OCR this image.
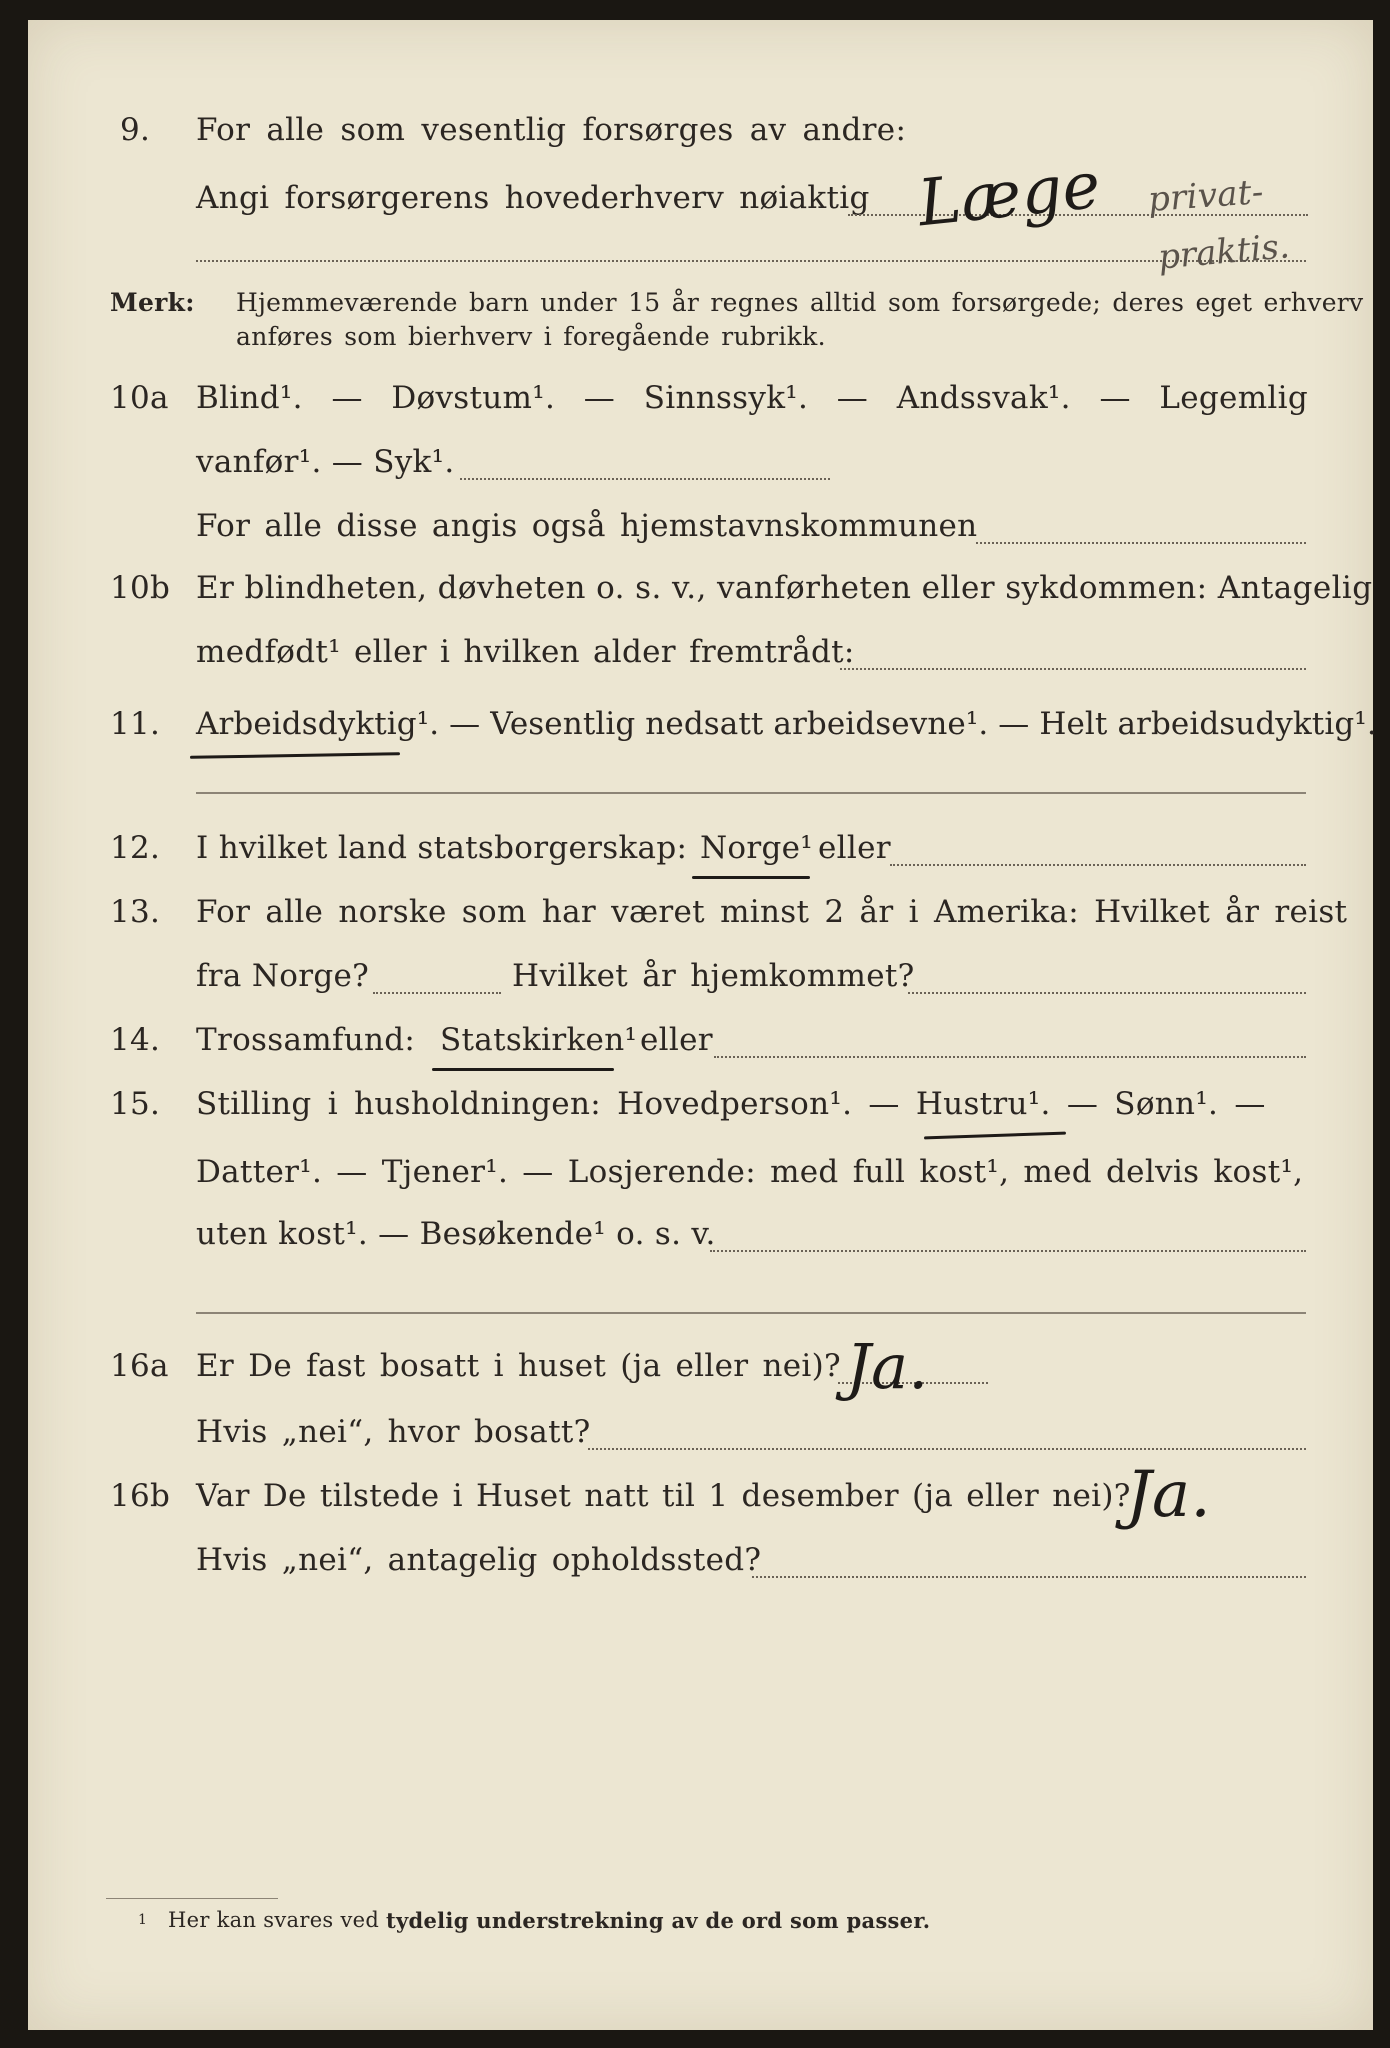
9. For alle som vesentlig forsørges av andre:
Angi forsørgerens hovederhverv nøiaktig Læge privat-
praktis.
Merk: Hjemmeværende barn under 15 år regnes alltid som forsørgede; deres eget erhverv
anføres som bierhverv i foregående rubrikk.
10a Blind¹. — Døvstum¹. — Sinnssyk¹. — Andssvak¹. — Legemlig
vanfør¹. — Syk¹.
For alle disse angis også hjemstavnskommunen
10b Er blindheten, døvheten o. s. v., vanførheten eller sykdommen: Antagelig
medfødt¹ eller i hvilken alder fremtrådt:
11. Arbeidsdyktig¹. — Vesentlig nedsatt arbeidsevne¹. — Helt arbeidsudyktig¹.
12. I hvilket land statsborgerskap: Norge¹ eller
13. For alle norske som har været minst 2 år i Amerika: Hvilket år reist
fra Norge?	Hvilket år hjemkommet?
14. Trossamfund: Statskirken¹ eller
15. Stilling i husholdningen: Hovedperson¹. — Hustru¹. — Sønn¹. —
Datter¹. — Tjener¹. — Losjerende: med full kost¹, med delvis kost¹,
uten kost¹. — Besøkende¹ o. s. v.
16a Er De fast bosatt i huset (ja eller nei)? Ja.
Hvis „nei“, hvor bosatt?
16b Var De tilstede i Huset natt til 1 desember (ja eller nei)?
Ja.
Hvis „nei“, antagelig opholdssted?
1 Her kan svares ved tydelig understrekning av de ord som passer.
